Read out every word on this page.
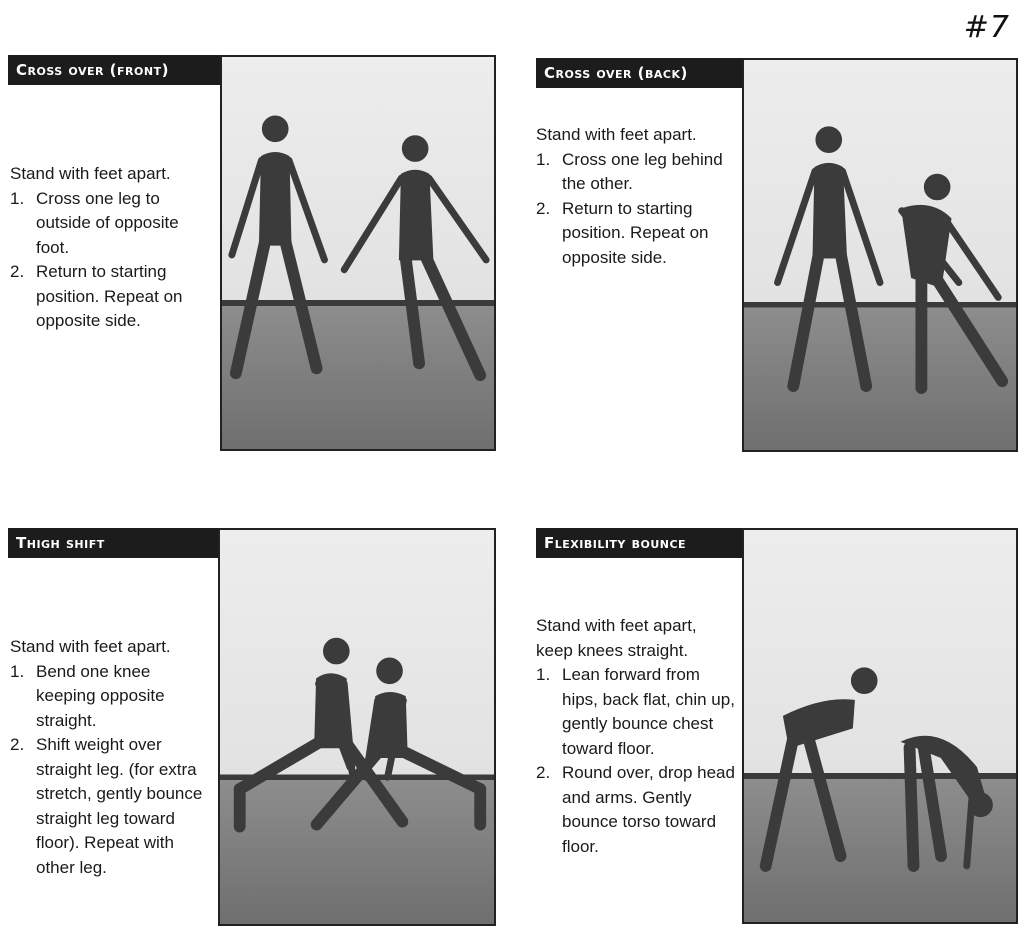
#7
Cross over (front)

Stand with feet apart.

1. Cross one leg to outside of opposite foot.
2. Return to starting position. Repeat on opposite side.
Cross over (back)

Stand with feet apart.

1. Cross one leg behind the other.
2. Return to starting position. Repeat on opposite side.
Thigh shift

Stand with feet apart.

1. Bend one knee keeping opposite straight.
2. Shift weight over straight leg. (for extra stretch, gently bounce straight leg toward floor). Repeat with other leg.
Flexibility bounce

Stand with feet apart, keep knees straight.

1. Lean forward from hips, back flat, chin up, gently bounce chest toward floor.
2. Round over, drop head and arms. Gently bounce torso toward floor.
